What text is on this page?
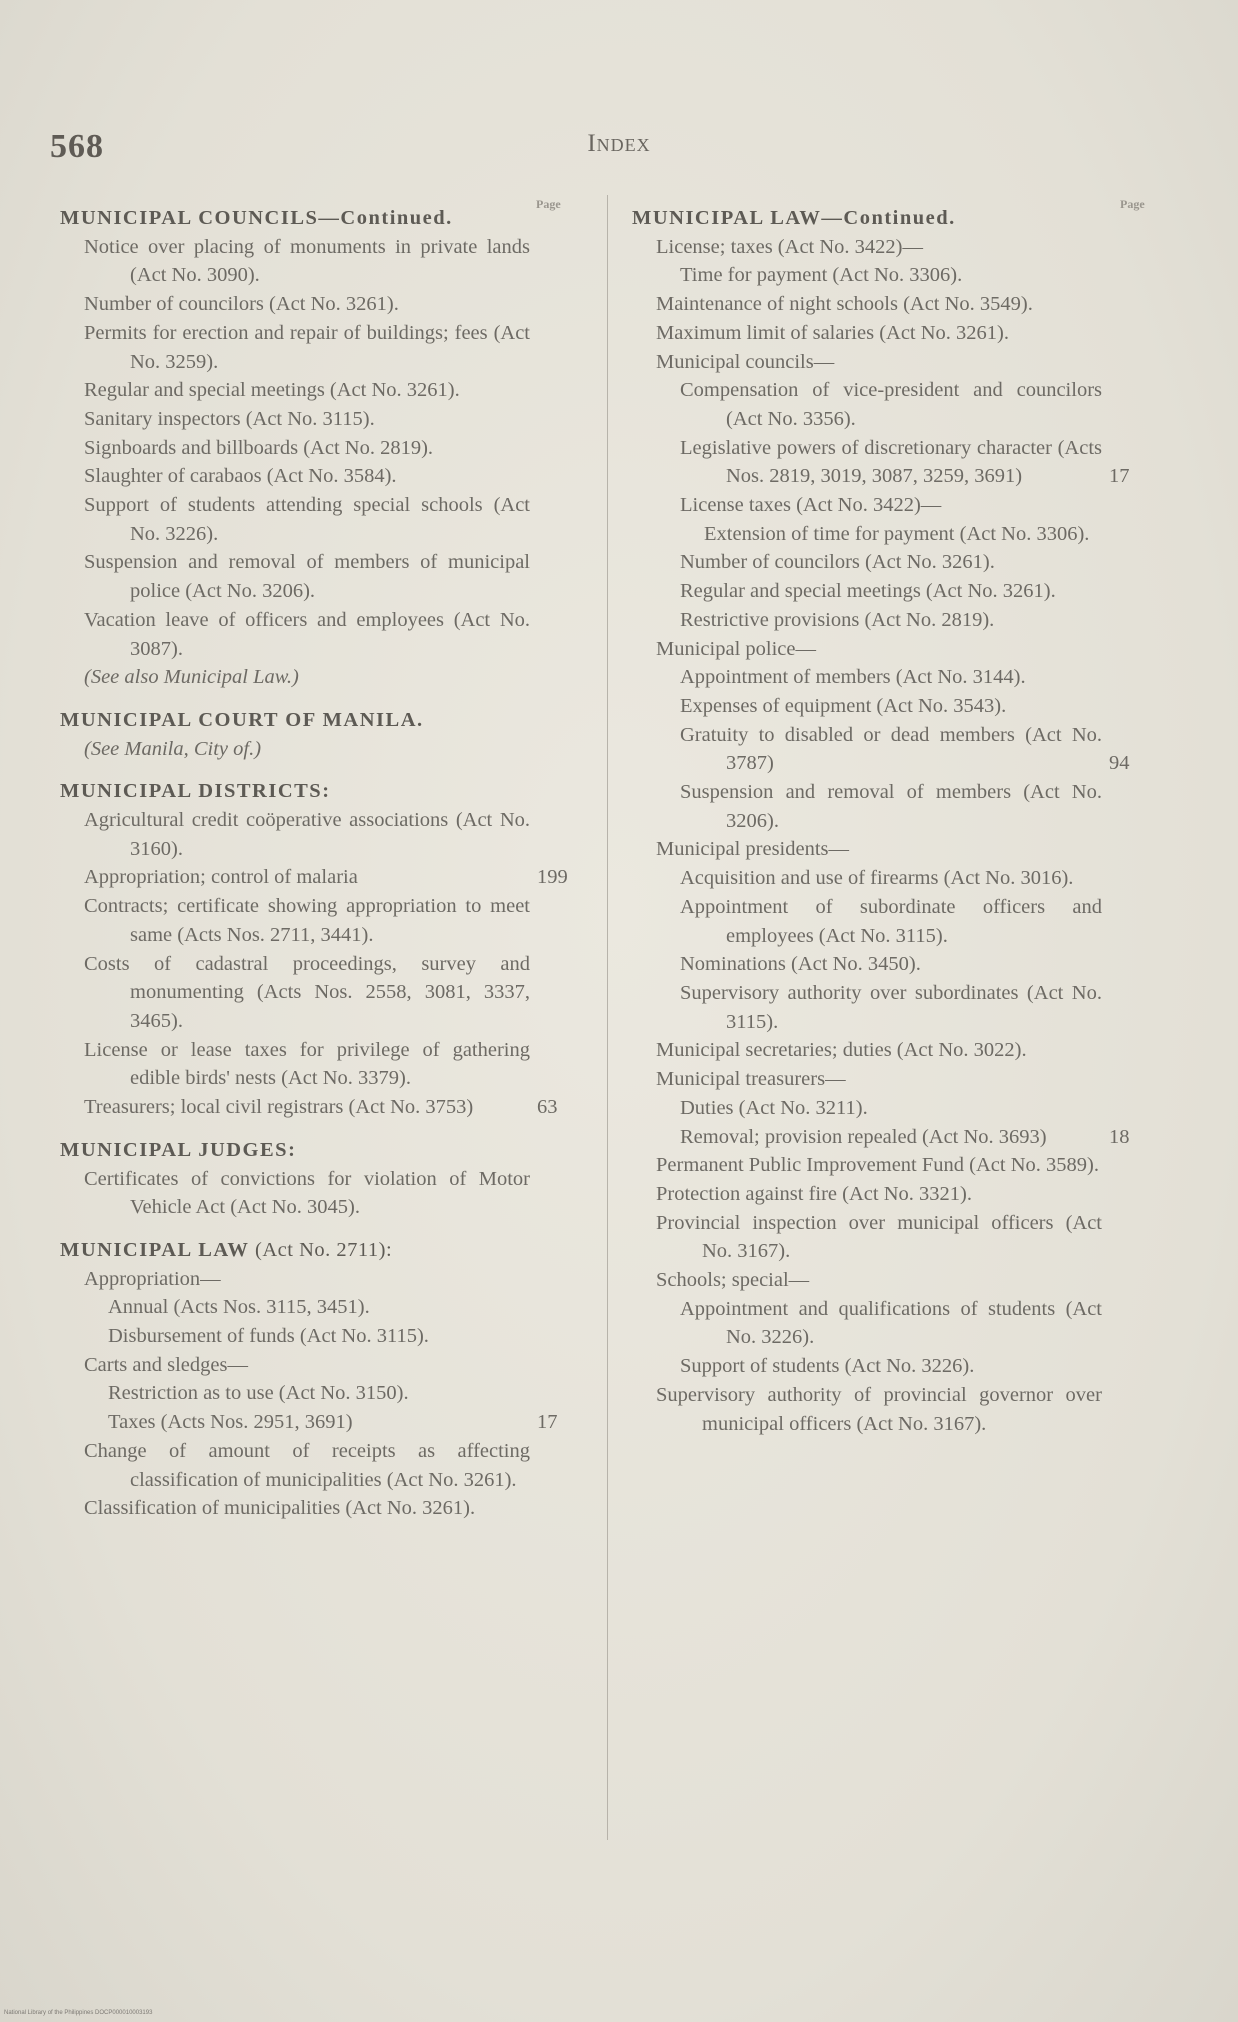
568	Index
Page
MUNICIPAL COUNCILS—Continued.
Notice over placing of monuments in private lands (Act No. 3090).
Number of councilors (Act No. 3261).
Permits for erection and repair of buildings; fees (Act No. 3259).
Regular and special meetings (Act No. 3261).
Sanitary inspectors (Act No. 3115).
Signboards and billboards (Act No. 2819).
Slaughter of carabaos (Act No. 3584).
Support of students attending special schools (Act No. 3226).
Suspension and removal of members of municipal police (Act No. 3206).
Vacation leave of officers and employees (Act No. 3087).
(See also Municipal Law.)
MUNICIPAL COURT OF MANILA.
(See Manila, City of.)
MUNICIPAL DISTRICTS:
Agricultural credit coöperative associations (Act No. 3160).
Appropriation; control of malaria	199
Contracts; certificate showing appropriation to meet same (Acts Nos. 2711, 3441).
Costs of cadastral proceedings, survey and monumenting (Acts Nos. 2558, 3081, 3337, 3465).
License or lease taxes for privilege of gathering edible birds' nests (Act No. 3379).
Treasurers; local civil registrars (Act No. 3753)	63
MUNICIPAL JUDGES:
Certificates of convictions for violation of Motor Vehicle Act (Act No. 3045).
MUNICIPAL LAW (Act No. 2711):
Appropriation—
Annual (Acts Nos. 3115, 3451).
Disbursement of funds (Act No. 3115).
Carts and sledges—
Restriction as to use (Act No. 3150).
Taxes (Acts Nos. 2951, 3691)	17
Change of amount of receipts as affecting classification of municipalities (Act No. 3261).
Classification of municipalities (Act No. 3261).
Page
MUNICIPAL LAW—Continued.
License; taxes (Act No. 3422)—
Time for payment (Act No. 3306).
Maintenance of night schools (Act No. 3549).
Maximum limit of salaries (Act No. 3261).
Municipal councils—
Compensation of vice-president and councilors (Act No. 3356).
Legislative powers of discretionary character (Acts Nos. 2819, 3019, 3087, 3259, 3691)	17
License taxes (Act No. 3422)—
Extension of time for payment (Act No. 3306).
Number of councilors (Act No. 3261).
Regular and special meetings (Act No. 3261).
Restrictive provisions (Act No. 2819).
Municipal police—
Appointment of members (Act No. 3144).
Expenses of equipment (Act No. 3543).
Gratuity to disabled or dead members (Act No. 3787)	94
Suspension and removal of members (Act No. 3206).
Municipal presidents—
Acquisition and use of firearms (Act No. 3016).
Appointment of subordinate officers and employees (Act No. 3115).
Nominations (Act No. 3450).
Supervisory authority over subordinates (Act No. 3115).
Municipal secretaries; duties (Act No. 3022).
Municipal treasurers—
Duties (Act No. 3211).
Removal; provision repealed (Act No. 3693)	18
Permanent Public Improvement Fund (Act No. 3589).
Protection against fire (Act No. 3321).
Provincial inspection over municipal officers (Act No. 3167).
Schools; special—
Appointment and qualifications of students (Act No. 3226).
Support of students (Act No. 3226).
Supervisory authority of provincial governor over municipal officers (Act No. 3167).
National Library of the Philippines DOCP000010003193
